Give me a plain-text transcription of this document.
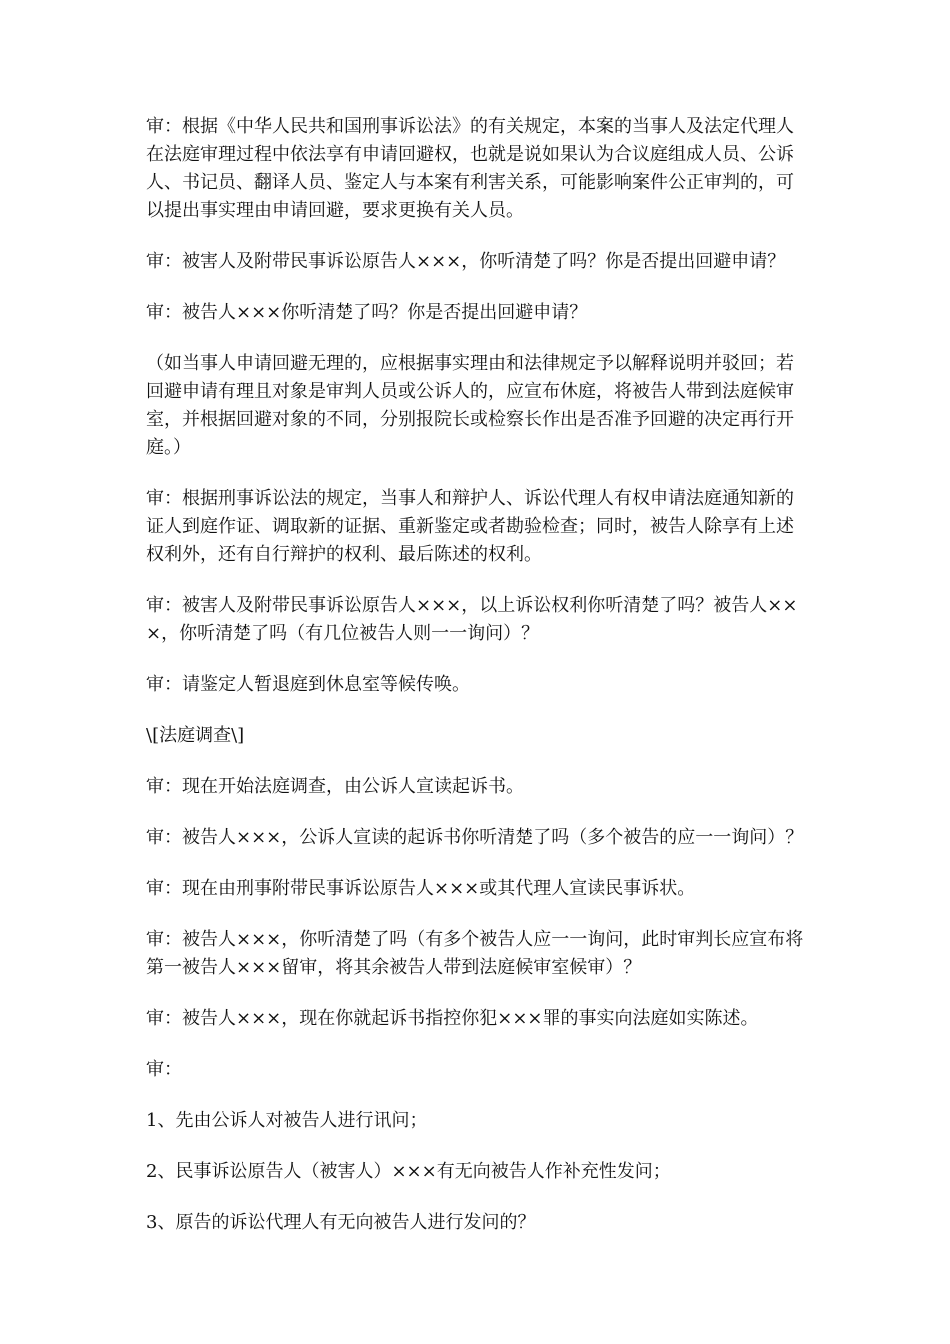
审：根据《中华人民共和国刑事诉讼法》的有关规定，本案的当事人及法定代理人在法庭审理过程中依法享有申请回避权，也就是说如果认为合议庭组成人员、公诉人、书记员、翻译人员、鉴定人与本案有利害关系，可能影响案件公正审判的，可以提出事实理由申请回避，要求更换有关人员。

审：被害人及附带民事诉讼原告人×××，你听清楚了吗？你是否提出回避申请？

审：被告人×××你听清楚了吗？你是否提出回避申请？

（如当事人申请回避无理的，应根据事实理由和法律规定予以解释说明并驳回；若回避申请有理且对象是审判人员或公诉人的，应宣布休庭，将被告人带到法庭候审室，并根据回避对象的不同，分别报院长或检察长作出是否准予回避的决定再行开庭。）

审：根据刑事诉讼法的规定，当事人和辩护人、诉讼代理人有权申请法庭通知新的证人到庭作证、调取新的证据、重新鉴定或者勘验检查；同时，被告人除享有上述权利外，还有自行辩护的权利、最后陈述的权利。

审：被害人及附带民事诉讼原告人×××，以上诉讼权利你听清楚了吗？被告人×××，你听清楚了吗（有几位被告人则一一询问）？

审：请鉴定人暂退庭到休息室等候传唤。

\[法庭调查\]

审：现在开始法庭调查，由公诉人宣读起诉书。

审：被告人×××，公诉人宣读的起诉书你听清楚了吗（多个被告的应一一询问）？

审：现在由刑事附带民事诉讼原告人×××或其代理人宣读民事诉状。

审：被告人×××，你听清楚了吗（有多个被告人应一一询问，此时审判长应宣布将第一被告人×××留审，将其余被告人带到法庭候审室候审）？

审：被告人×××，现在你就起诉书指控你犯×××罪的事实向法庭如实陈述。

审：

1、先由公诉人对被告人进行讯问；

2、民事诉讼原告人（被害人）×××有无向被告人作补充性发问；

3、原告的诉讼代理人有无向被告人进行发问的？
